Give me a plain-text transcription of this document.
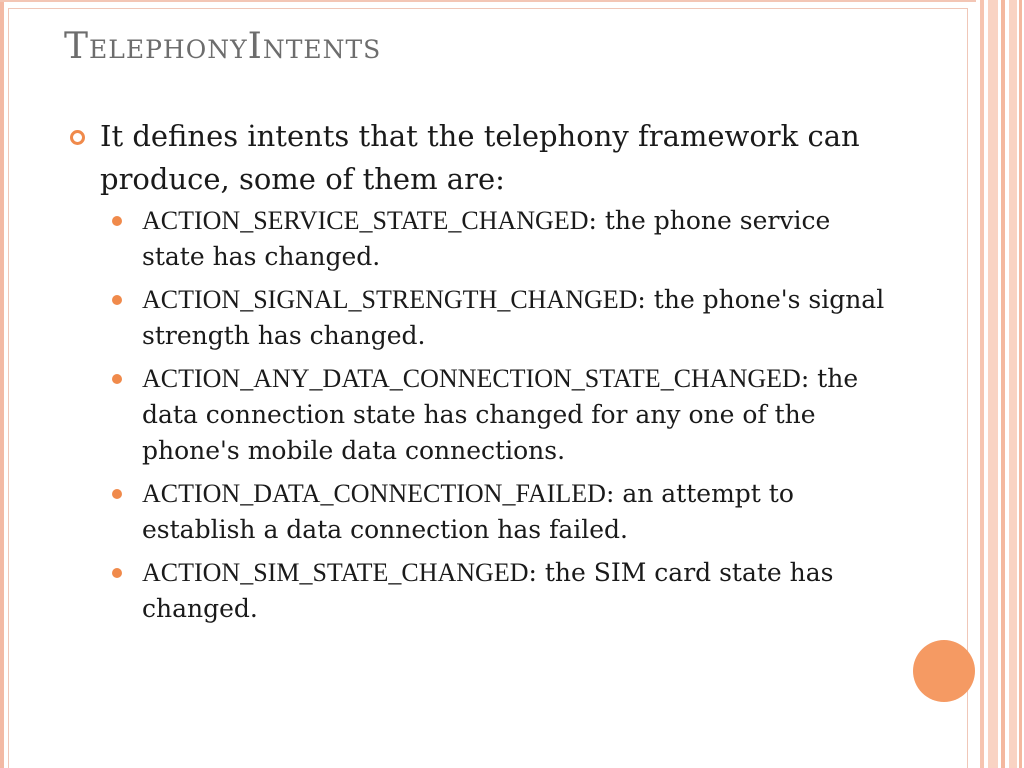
TelephonyIntents
It defines intents that the telephony framework can produce, some of them are:
ACTION_SERVICE_STATE_CHANGED: the phone service state has changed.
ACTION_SIGNAL_STRENGTH_CHANGED: the phone's signal strength has changed.
ACTION_ANY_DATA_CONNECTION_STATE_CHANGED: the data connection state has changed for any one of the phone's mobile data connections.
ACTION_DATA_CONNECTION_FAILED: an attempt to establish a data connection has failed.
ACTION_SIM_STATE_CHANGED: the SIM card state has changed.
